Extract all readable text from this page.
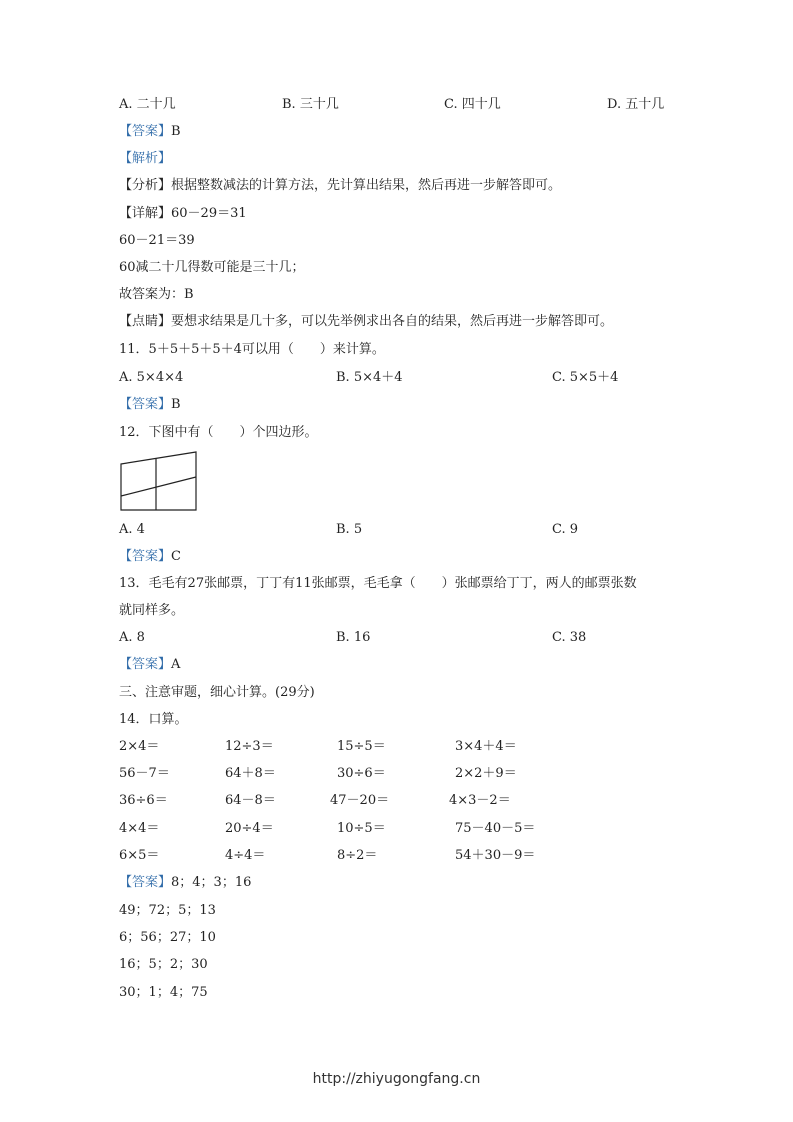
A. 二十几	B. 三十几	C. 四十几	D. 五十几
【答案】B
【解析】
【分析】根据整数减法的计算方法，先计算出结果，然后再进一步解答即可。
【详解】60－29＝31
60－21＝39
60减二十几得数可能是三十几；
故答案为：B
【点睛】要想求结果是几十多，可以先举例求出各自的结果，然后再进一步解答即可。
11．5＋5＋5＋5＋4可以用（　　）来计算。
A. 5×4×4	B. 5×4＋4	C. 5×5＋4
【答案】B
12．下图中有（　　）个四边形。
A. 4	B. 5	C. 9
【答案】C
13．毛毛有27张邮票，丁丁有11张邮票，毛毛拿（　　）张邮票给丁丁，两人的邮票张数
就同样多。
A. 8	B. 16	C. 38
【答案】A
三、注意审题，细心计算。(29分)
14．口算。
2×4＝	12÷3＝	15÷5＝	3×4＋4＝
56－7＝	64＋8＝	30÷6＝	2×2＋9＝
36÷6＝	64－8＝	47－20＝	4×3－2＝
4×4＝	20÷4＝	10÷5＝	75－40－5＝
6×5＝	4÷4＝	8÷2＝	54＋30－9＝
【答案】8；4；3；16
49；72；5；13
6；56；27；10
16；5；2；30
30；1；4；75
http://zhiyugongfang.cn
